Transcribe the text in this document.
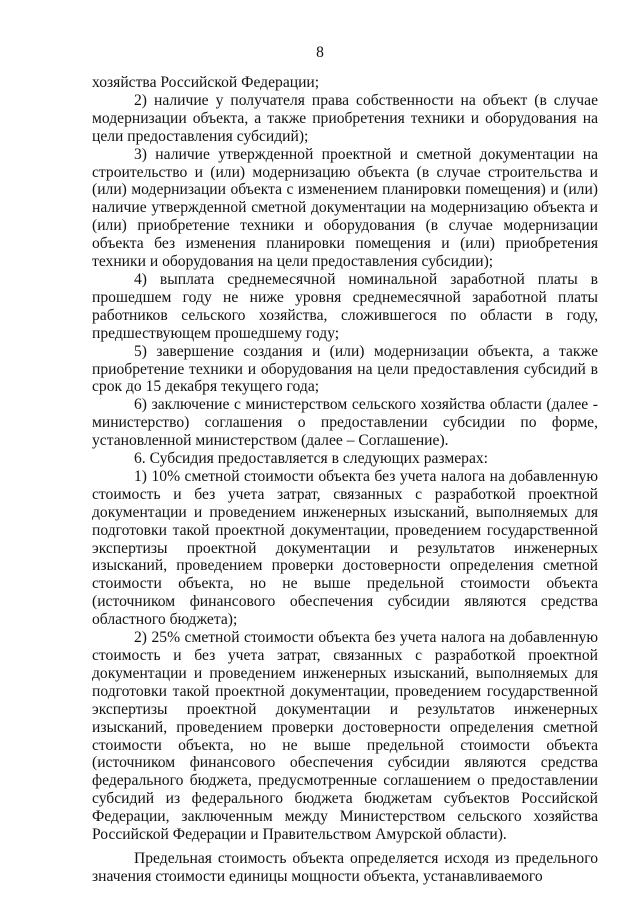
8

хозяйства Российской Федерации;

2) наличие у получателя права собственности на объект (в случае модернизации объекта, а также приобретения техники и оборудования на цели предоставления субсидий);

3) наличие утвержденной проектной и сметной документации на строительство и (или) модернизацию объекта (в случае строительства и (или) модернизации объекта с изменением планировки помещения) и (или) наличие утвержденной сметной документации на модернизацию объекта и (или) приобретение техники и оборудования (в случае модернизации объекта без изменения планировки помещения и (или) приобретения техники и оборудования на цели предоставления субсидии);

4) выплата среднемесячной номинальной заработной платы в прошедшем году не ниже уровня среднемесячной заработной платы работников сельского хозяйства, сложившегося по области в году, предшествующем прошедшему году;

5) завершение создания и (или) модернизации объекта, а также приобретение техники и оборудования на цели предоставления субсидий в срок до 15 декабря текущего года;

6) заключение с министерством сельского хозяйства области (далее - министерство) соглашения о предоставлении субсидии по форме, установленной министерством (далее – Соглашение).

6. Субсидия предоставляется в следующих размерах:

1) 10% сметной стоимости объекта без учета налога на добавленную стоимость и без учета затрат, связанных с разработкой проектной документации и проведением инженерных изысканий, выполняемых для подготовки такой проектной документации, проведением государственной экспертизы проектной документации и результатов инженерных изысканий, проведением проверки достоверности определения сметной стоимости объекта, но не выше предельной стоимости объекта (источником финансового обеспечения субсидии являются средства областного бюджета);

2) 25% сметной стоимости объекта без учета налога на добавленную стоимость и без учета затрат, связанных с разработкой проектной документации и проведением инженерных изысканий, выполняемых для подготовки такой проектной документации, проведением государственной экспертизы проектной документации и результатов инженерных изысканий, проведением проверки достоверности определения сметной стоимости объекта, но не выше предельной стоимости объекта (источником финансового обеспечения субсидии являются средства федерального бюджета, предусмотренные соглашением о предоставлении субсидий из федерального бюджета бюджетам субъектов Российской Федерации, заключенным между Министерством сельского хозяйства Российской Федерации и Правительством Амурской области).

Предельная стоимость объекта определяется исходя из предельного значения стоимости единицы мощности объекта, устанавливаемого
